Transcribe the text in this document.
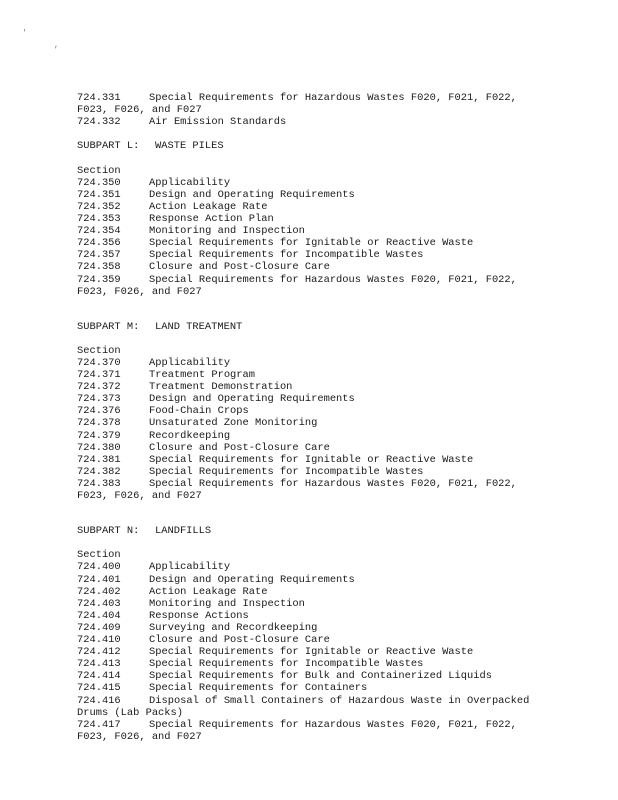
'
,
724.331	Special Requirements for Hazardous Wastes F020, F021, F022,
F023, F026, and F027
724.332	Air Emission Standards
SUBPART L: WASTE PILES
Section
724.350	Applicability
724.351	Design and Operating Requirements
724.352	Action Leakage Rate
724.353	Response Action Plan
724.354	Monitoring and Inspection
724.356	Special Requirements for Ignitable or Reactive Waste
724.357	Special Requirements for Incompatible Wastes
724.358	Closure and Post-Closure Care
724.359	Special Requirements for Hazardous Wastes F020, F021, F022,
F023, F026, and F027
SUBPART M: LAND TREATMENT
Section
724.370	Applicability
724.371	Treatment Program
724.372	Treatment Demonstration
724.373	Design and Operating Requirements
724.376	Food-Chain Crops
724.378	Unsaturated Zone Monitoring
724.379	Recordkeeping
724.380	Closure and Post-Closure Care
724.381	Special Requirements for Ignitable or Reactive Waste
724.382	Special Requirements for Incompatible Wastes
724.383	Special Requirements for Hazardous Wastes F020, F021, F022,
F023, F026, and F027
SUBPART N: LANDFILLS
Section
724.400	Applicability
724.401	Design and Operating Requirements
724.402	Action Leakage Rate
724.403	Monitoring and Inspection
724.404	Response Actions
724.409	Surveying and Recordkeeping
724.410	Closure and Post-Closure Care
724.412	Special Requirements for Ignitable or Reactive Waste
724.413	Special Requirements for Incompatible Wastes
724.414	Special Requirements for Bulk and Containerized Liquids
724.415	Special Requirements for Containers
724.416	Disposal of Small Containers of Hazardous Waste in Overpacked
Drums (Lab Packs)
724.417	Special Requirements for Hazardous Wastes F020, F021, F022,
F023, F026, and F027
